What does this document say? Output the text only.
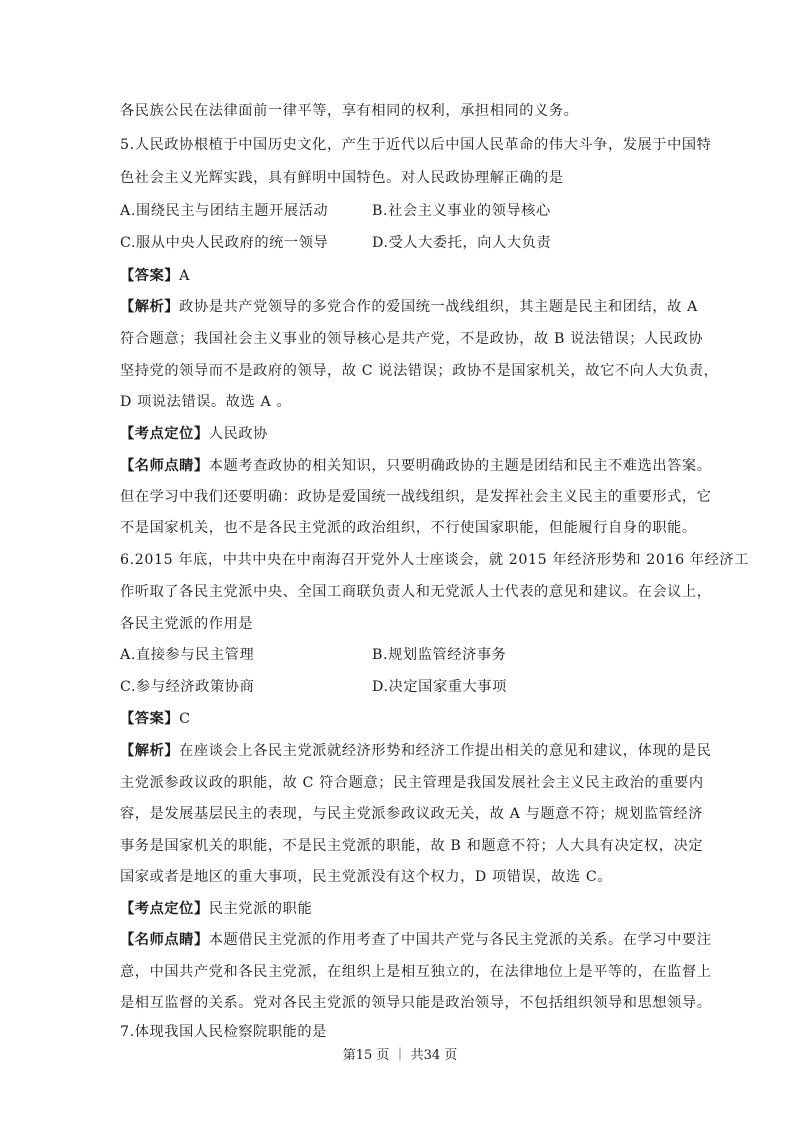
各民族公民在法律面前一律平等，享有相同的权利，承担相同的义务。
5.人民政协根植于中国历史文化，产生于近代以后中国人民革命的伟大斗争，发展于中国特
色社会主义光辉实践，具有鲜明中国特色。对人民政协理解正确的是
A.围绕民主与团结主题开展活动	B.社会主义事业的领导核心
C.服从中央人民政府的统一领导	D.受人大委托，向人大负责
【答案】A
【解析】政协是共产党领导的多党合作的爱国统一战线组织，其主题是民主和团结，故 A
符合题意；我国社会主义事业的领导核心是共产党，不是政协，故 B 说法错误；人民政协
坚持党的领导而不是政府的领导，故 C 说法错误；政协不是国家机关，故它不向人大负责，
D 项说法错误。故选 A 。
【考点定位】人民政协
【名师点睛】本题考查政协的相关知识，只要明确政协的主题是团结和民主不难选出答案。
但在学习中我们还要明确：政协是爱国统一战线组织，是发挥社会主义民主的重要形式，它
不是国家机关，也不是各民主党派的政治组织，不行使国家职能，但能履行自身的职能。
6.2015 年底，中共中央在中南海召开党外人士座谈会，就 2015 年经济形势和 2016 年经济工
作听取了各民主党派中央、全国工商联负责人和无党派人士代表的意见和建议。在会议上，
各民主党派的作用是
A.直接参与民主管理	B.规划监管经济事务
C.参与经济政策协商	D.决定国家重大事项
【答案】C
【解析】在座谈会上各民主党派就经济形势和经济工作提出相关的意见和建议，体现的是民
主党派参政议政的职能，故 C 符合题意；民主管理是我国发展社会主义民主政治的重要内
容，是发展基层民主的表现，与民主党派参政议政无关，故 A 与题意不符；规划监管经济
事务是国家机关的职能，不是民主党派的职能，故 B 和题意不符；人大具有决定权，决定
国家或者是地区的重大事项，民主党派没有这个权力，D 项错误，故选 C。
【考点定位】民主党派的职能
【名师点睛】本题借民主党派的作用考查了中国共产党与各民主党派的关系。在学习中要注
意，中国共产党和各民主党派，在组织上是相互独立的，在法律地位上是平等的，在监督上
是相互监督的关系。党对各民主党派的领导只能是政治领导，不包括组织领导和思想领导。
7.体现我国人民检察院职能的是
第15 页 ｜ 共34 页
